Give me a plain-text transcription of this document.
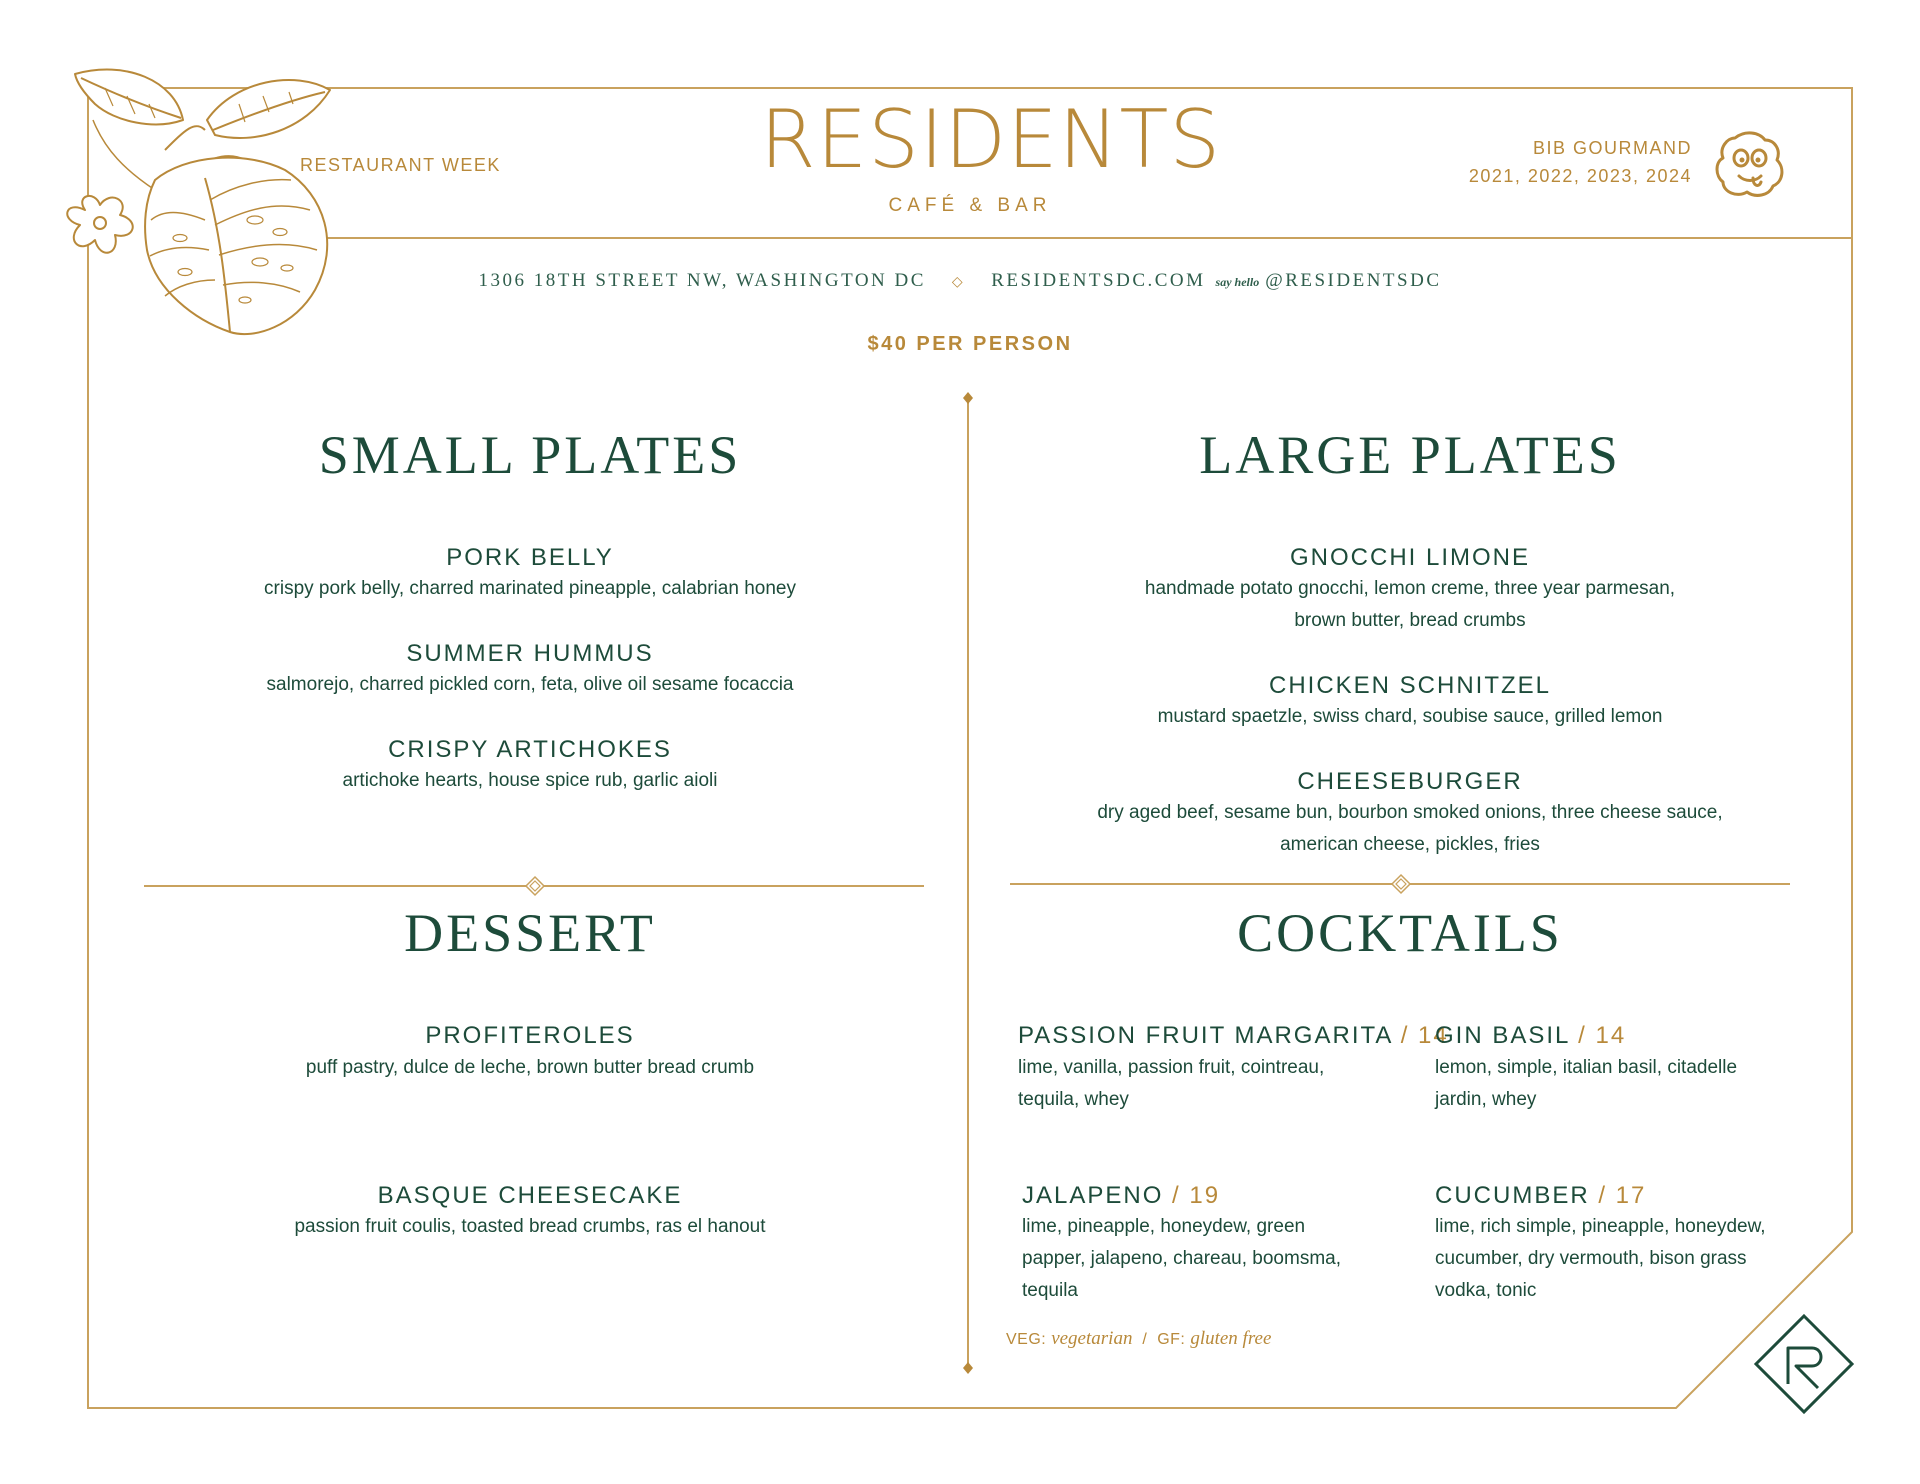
RESTAURANT WEEK	RESIDENTS
CAFÉ & BAR
BIB GOURMAND
2021, 2022, 2023, 2024
1306 18TH STREET NW, WASHINGTON DC ◇ RESIDENTSDC.COM say hello @RESIDENTSDC
$40 PER PERSON
SMALL PLATES
PORK BELLY
crispy pork belly, charred marinated pineapple, calabrian honey
SUMMER HUMMUS
salmorejo, charred pickled corn, feta, olive oil sesame focaccia
CRISPY ARTICHOKES
artichoke hearts, house spice rub, garlic aioli
LARGE PLATES
GNOCCHI LIMONE
handmade potato gnocchi, lemon creme, three year parmesan,
brown butter, bread crumbs
CHICKEN SCHNITZEL
mustard spaetzle, swiss chard, soubise sauce, grilled lemon
CHEESEBURGER
dry aged beef, sesame bun, bourbon smoked onions, three cheese sauce,
american cheese, pickles, fries
DESSERT
PROFITEROLES
puff pastry, dulce de leche, brown butter bread crumb
BASQUE CHEESECAKE
passion fruit coulis, toasted bread crumbs, ras el hanout
COCKTAILS
PASSION FRUIT MARGARITA / 14
lime, vanilla, passion fruit, cointreau,
tequila, whey
GIN BASIL / 14
lemon, simple, italian basil, citadelle
jardin, whey
JALAPENO / 19
lime, pineapple, honeydew, green
papper, jalapeno, chareau, boomsma,
tequila
CUCUMBER / 17
lime, rich simple, pineapple, honeydew,
cucumber, dry vermouth, bison grass
vodka, tonic
VEG: vegetarian / GF: gluten free
